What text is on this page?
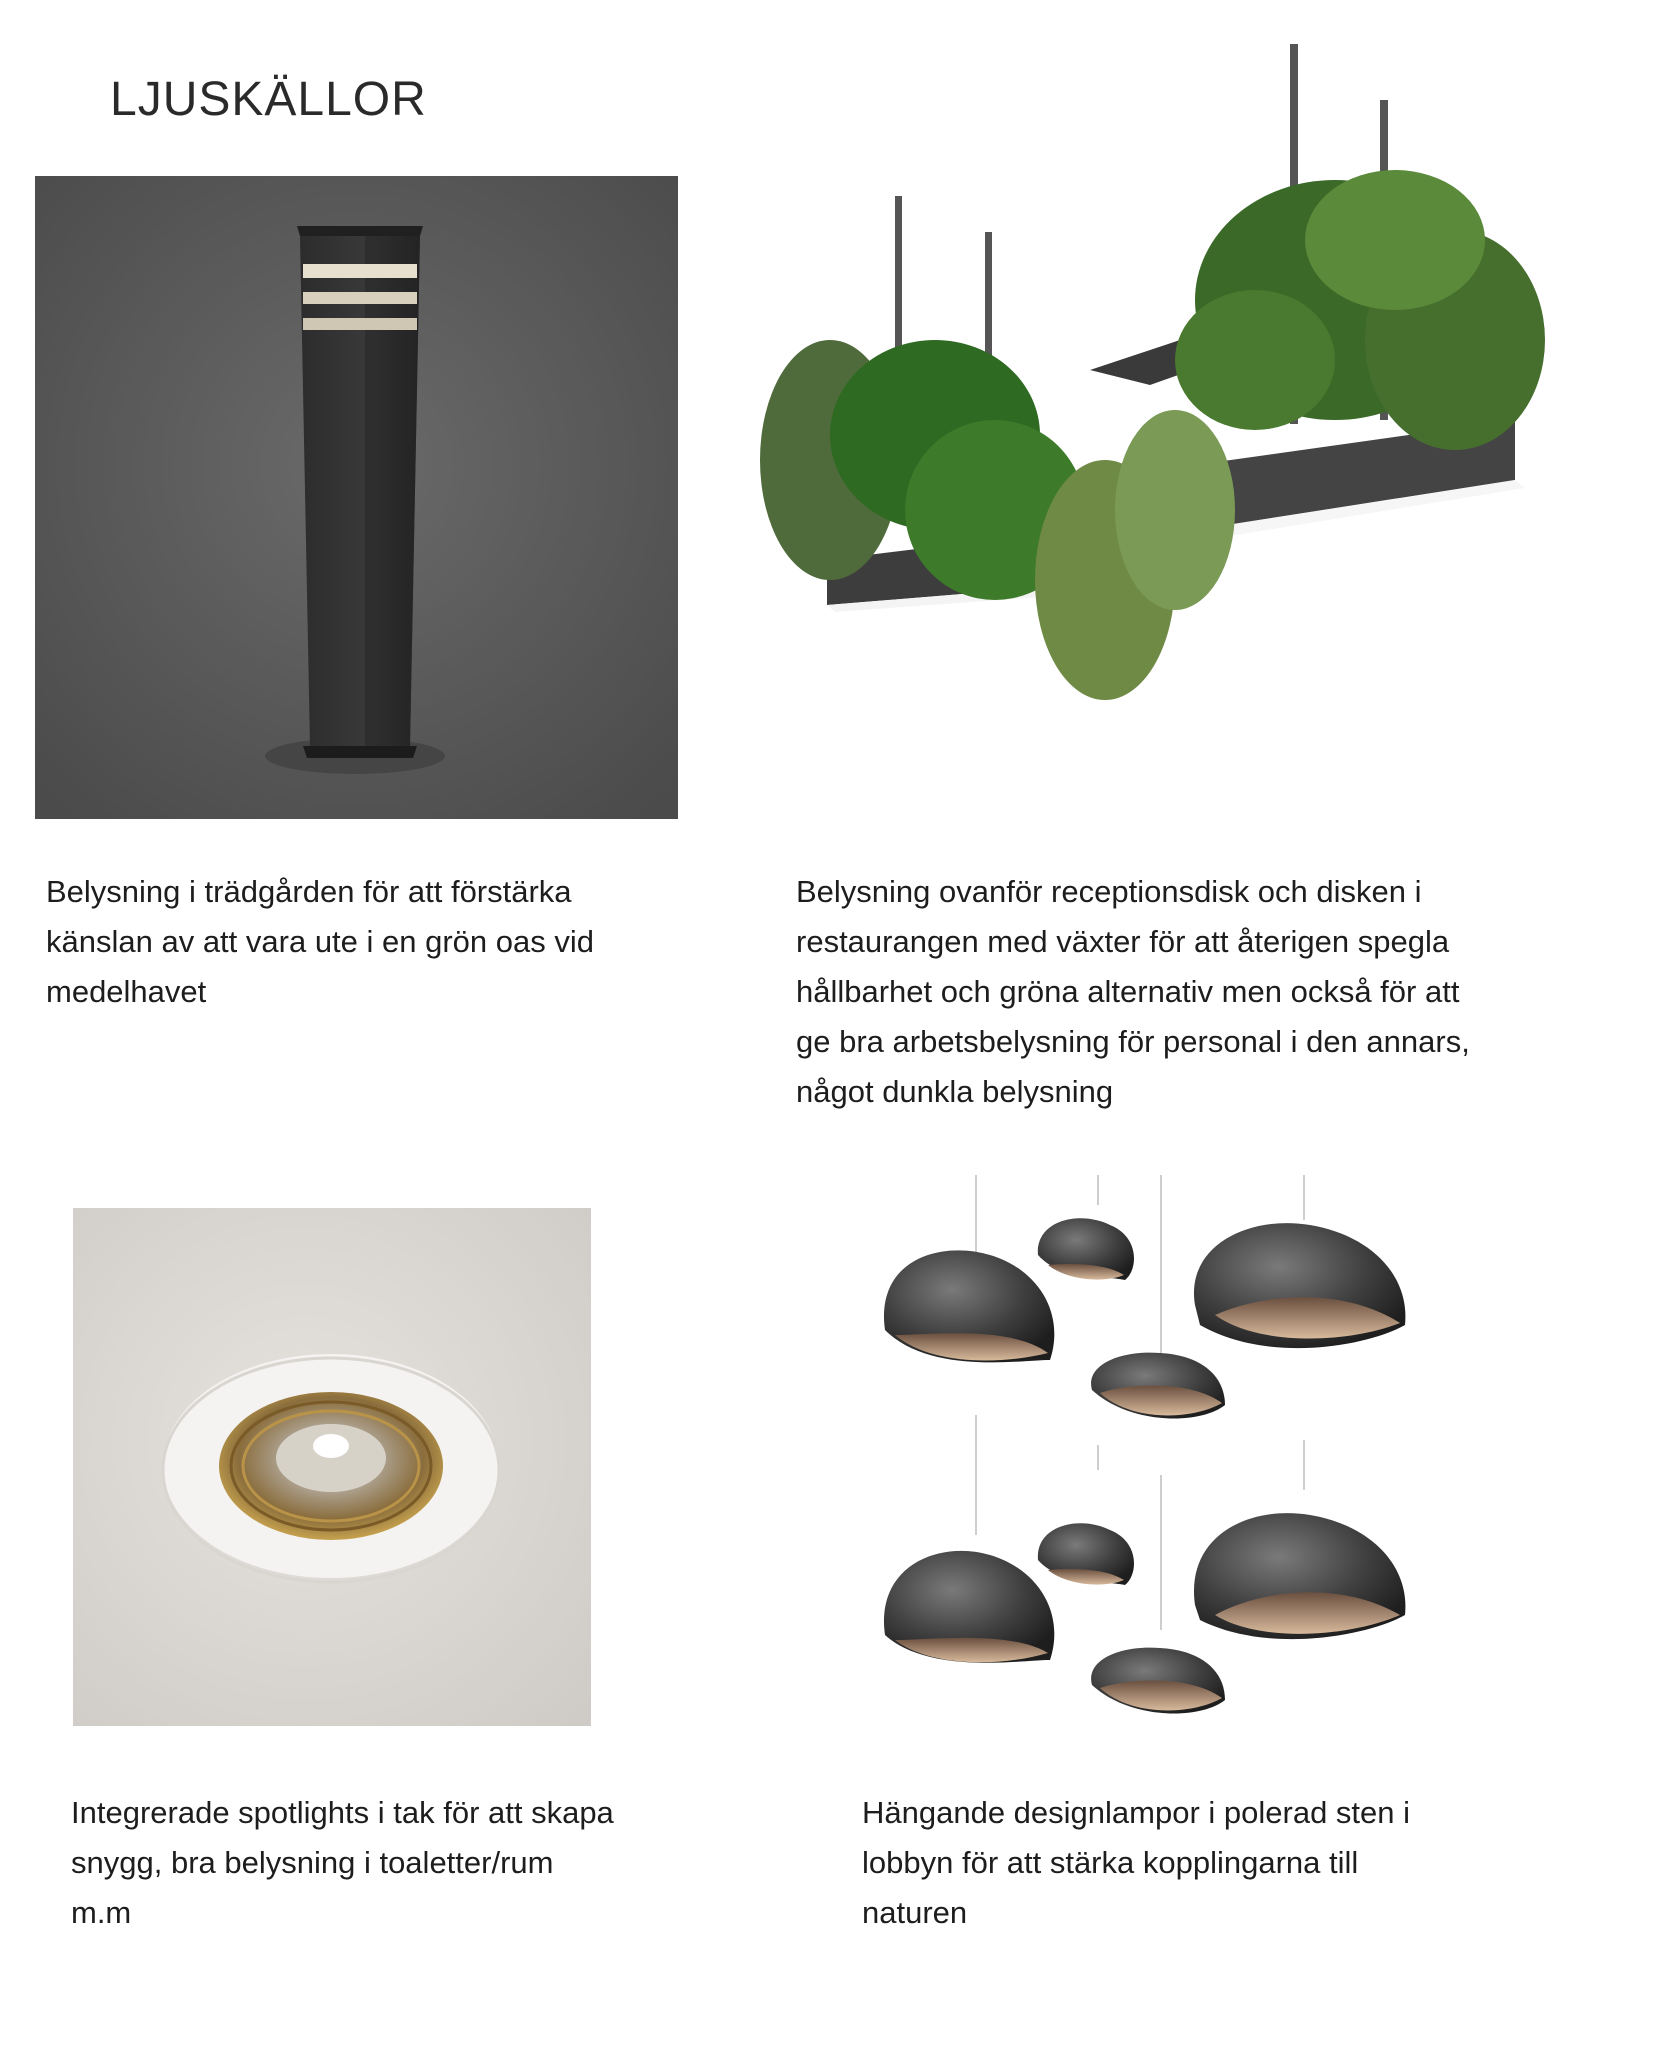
LJUSKÄLLOR
Belysning i trädgården för att förstärka
känslan av att vara ute i en grön oas vid
medelhavet
Belysning ovanför receptionsdisk och disken i
restaurangen med växter för att återigen spegla
hållbarhet och gröna alternativ men också för att
ge bra arbetsbelysning för personal i den annars,
något dunkla belysning
Integrerade spotlights i tak för att skapa
snygg, bra belysning i toaletter/rum
m.m
Hängande designlampor i polerad sten i
lobbyn för att stärka kopplingarna till
naturen
